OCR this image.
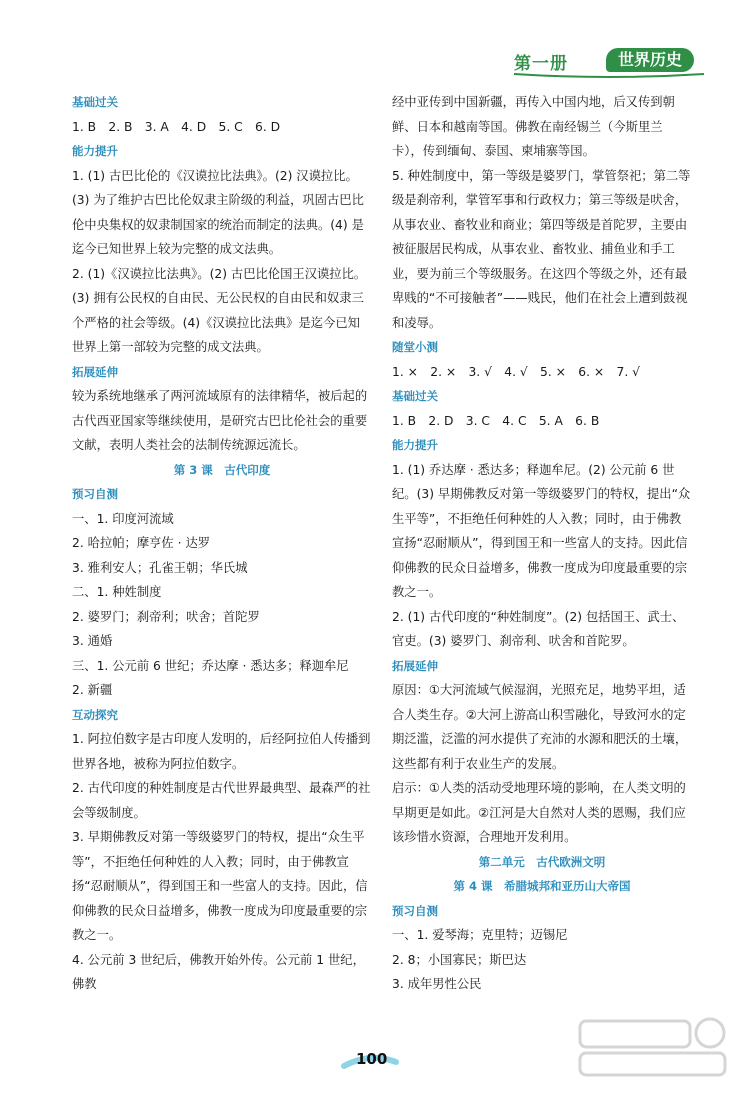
第一册	世界历史

基础过关

1. B　2. B　3. A　4. D　5. C　6. D

能力提升

1. (1) 古巴比伦的《汉谟拉比法典》。(2) 汉谟拉比。(3) 为了维护古巴比伦奴隶主阶级的利益，巩固古巴比伦中央集权的奴隶制国家的统治而制定的法典。(4) 是迄今已知世界上较为完整的成文法典。

2. (1)《汉谟拉比法典》。(2) 古巴比伦国王汉谟拉比。(3) 拥有公民权的自由民、无公民权的自由民和奴隶三个严格的社会等级。(4)《汉谟拉比法典》是迄今已知世界上第一部较为完整的成文法典。

拓展延伸

较为系统地继承了两河流域原有的法律精华，被后起的古代西亚国家等继续使用，是研究古巴比伦社会的重要文献，表明人类社会的法制传统源远流长。

第 3 课　古代印度

预习自测

一、1. 印度河流域

2. 哈拉帕；摩亨佐 · 达罗

3. 雅利安人；孔雀王朝；华氏城

二、1. 种姓制度

2. 婆罗门；刹帝利；吠舍；首陀罗

3. 通婚

三、1. 公元前 6 世纪；乔达摩 · 悉达多；释迦牟尼

2. 新疆

互动探究

1. 阿拉伯数字是古印度人发明的，后经阿拉伯人传播到世界各地，被称为阿拉伯数字。

2. 古代印度的种姓制度是古代世界最典型、最森严的社会等级制度。

3. 早期佛教反对第一等级婆罗门的特权，提出“众生平等”，不拒绝任何种姓的人入教；同时，由于佛教宣扬“忍耐顺从”，得到国王和一些富人的支持。因此，信仰佛教的民众日益增多，佛教一度成为印度最重要的宗教之一。

4. 公元前 3 世纪后，佛教开始外传。公元前 1 世纪，佛教

经中亚传到中国新疆，再传入中国内地，后又传到朝鲜、日本和越南等国。佛教在南经锡兰（今斯里兰卡），传到缅甸、泰国、柬埔寨等国。

5. 种姓制度中，第一等级是婆罗门，掌管祭祀；第二等级是刹帝利，掌管军事和行政权力；第三等级是吠舍，从事农业、畜牧业和商业；第四等级是首陀罗，主要由被征服居民构成，从事农业、畜牧业、捕鱼业和手工业，要为前三个等级服务。在这四个等级之外，还有最卑贱的“不可接触者”——贱民，他们在社会上遭到鼓视和凌辱。

随堂小测

1. ×　2. ×　3. √　4. √　5. ×　6. ×　7. √

基础过关

1. B　2. D　3. C　4. C　5. A　6. B

能力提升

1. (1) 乔达摩 · 悉达多；释迦牟尼。(2) 公元前 6 世纪。(3) 早期佛教反对第一等级婆罗门的特权，提出“众生平等”，不拒绝任何种姓的人入教；同时，由于佛教宣扬“忍耐顺从”，得到国王和一些富人的支持。因此信仰佛教的民众日益增多，佛教一度成为印度最重要的宗教之一。

2. (1) 古代印度的“种姓制度”。(2) 包括国王、武士、官吏。(3) 婆罗门、刹帝利、吠舍和首陀罗。

拓展延伸

原因：①大河流域气候湿润，光照充足，地势平坦，适合人类生存。②大河上游高山积雪融化，导致河水的定期泛滥，泛滥的河水提供了充沛的水源和肥沃的土壤，这些都有利于农业生产的发展。

启示：①人类的活动受地理环境的影响，在人类文明的早期更是如此。②江河是大自然对人类的恩赐，我们应该珍惜水资源，合理地开发利用。

第二单元　古代欧洲文明

第 4 课　希腊城邦和亚历山大帝国

预习自测

一、1. 爱琴海；克里特；迈锡尼

2. 8；小国寡民；斯巴达

3. 成年男性公民

100
